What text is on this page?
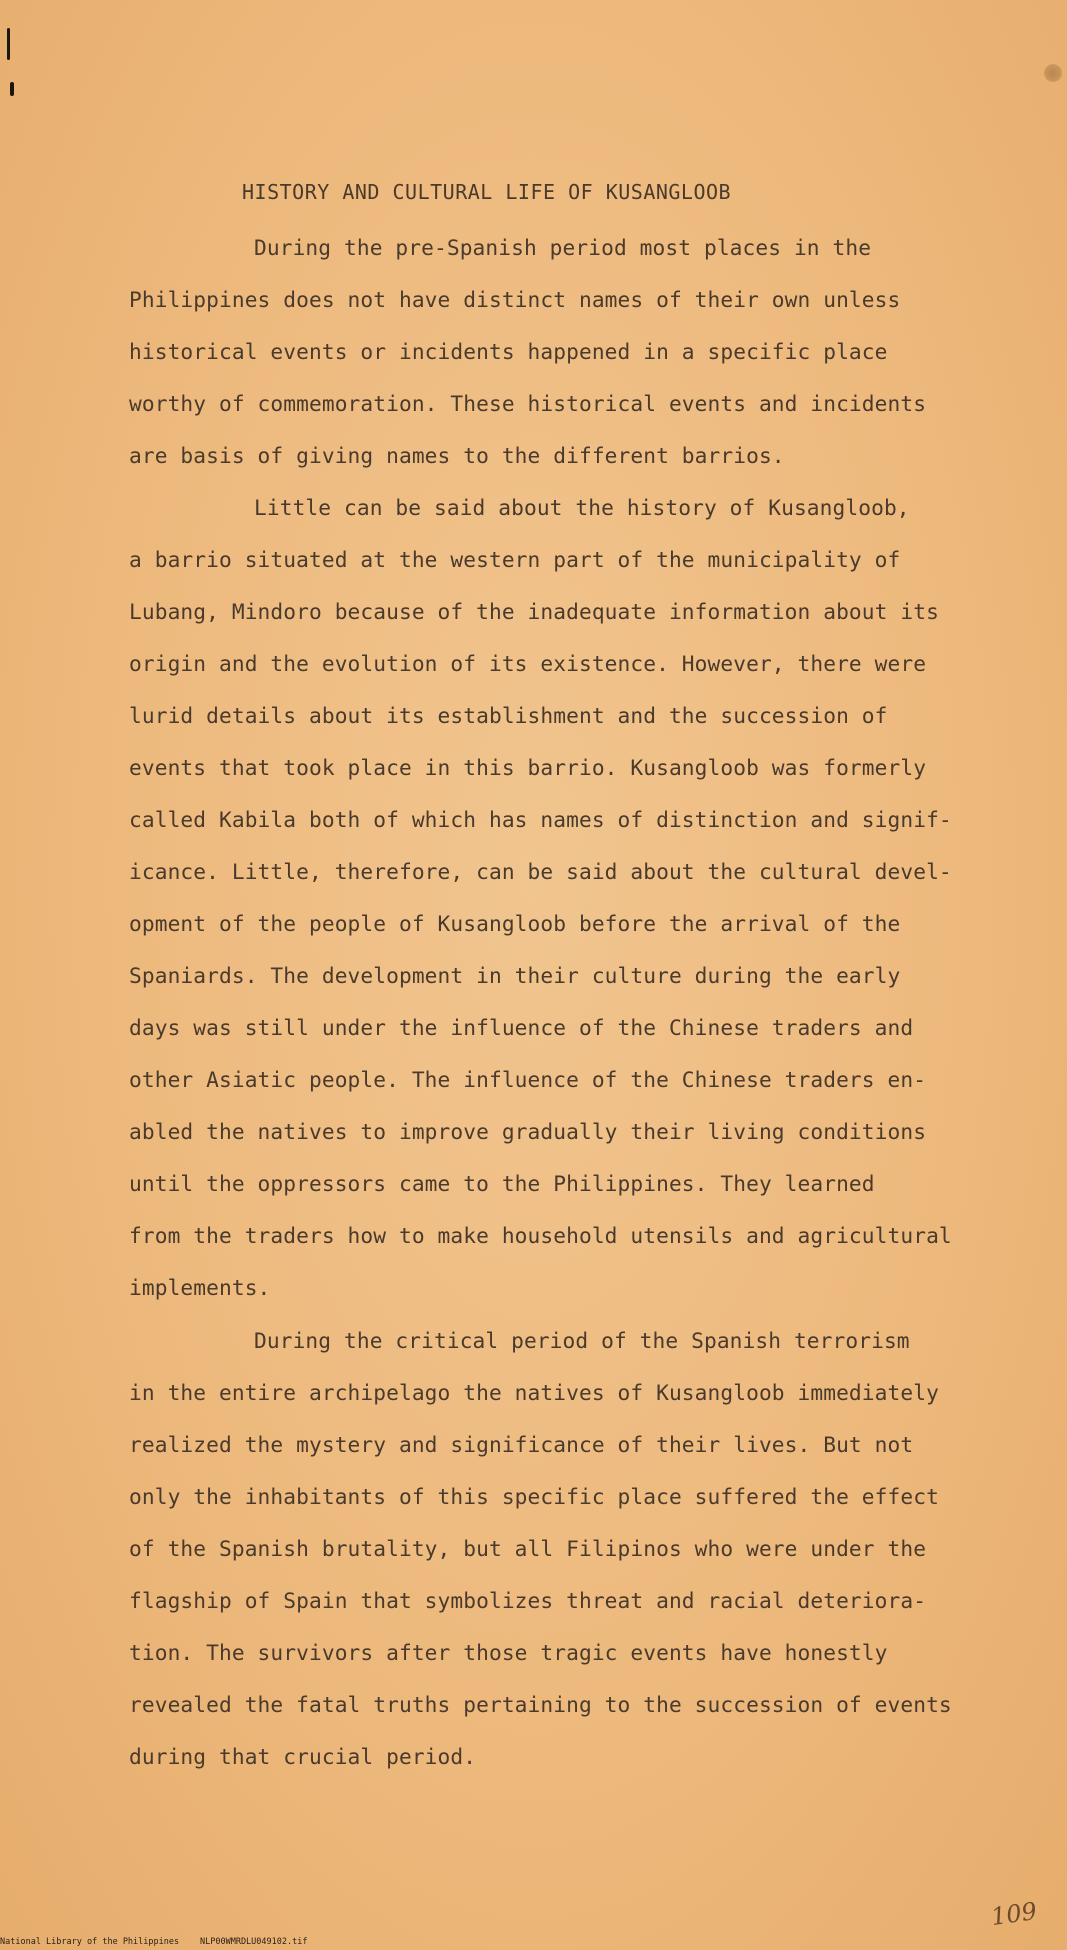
HISTORY AND CULTURAL LIFE OF KUSANGLOOB
During the pre-Spanish period most places in the
Philippines does not have distinct names of their own unless
historical events or incidents happened in a specific place
worthy of commemoration. These historical events and incidents
are basis of giving names to the different barrios.
Little can be said about the history of Kusangloob,
a barrio situated at the western part of the municipality of
Lubang, Mindoro because of the inadequate information about its
origin and the evolution of its existence. However, there were
lurid details about its establishment and the succession of
events that took place in this barrio. Kusangloob was formerly
called Kabila both of which has names of distinction and signif-
icance. Little, therefore, can be said about the cultural devel-
opment of the people of Kusangloob before the arrival of the
Spaniards. The development in their culture during the early
days was still under the influence of the Chinese traders and
other Asiatic people. The influence of the Chinese traders en-
abled the natives to improve gradually their living conditions
until the oppressors came to the Philippines. They learned
from the traders how to make household utensils and agricultural
implements.
During the critical period of the Spanish terrorism
in the entire archipelago the natives of Kusangloob immediately
realized the mystery and significance of their lives. But not
only the inhabitants of this specific place suffered the effect
of the Spanish brutality, but all Filipinos who were under the
flagship of Spain that symbolizes threat and racial deteriora-
tion. The survivors after those tragic events have honestly
revealed the fatal truths pertaining to the succession of events
during that crucial period.
109
National Library of the Philippines NLP00WMRDLU049102.tif
